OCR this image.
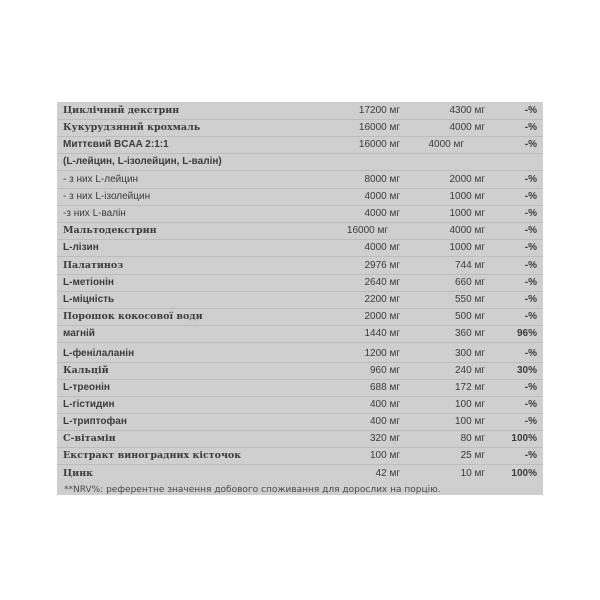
Циклічний декстрин	17200 мг	4300 мг	-%
Кукурудзяний крохмаль	16000 мг	4000 мг	-%
Миттєвий BCAA 2:1:1	16000 мг	4000 мг	-%
(L-лейцин, L-ізолейцин, L-валін)
- з них L-лейцин	8000 мг	2000 мг	-%
- з них L-ізолейцин	4000 мг	1000 мг	-%
-з них L-валін	4000 мг	1000 мг	-%
Мальтодекстрин	16000 мг	4000 мг	-%
L-лізин	4000 мг	1000 мг	-%
Палатиноз	2976 мг	744 мг	-%
L-метіонін	2640 мг	660 мг	-%
L-міцність	2200 мг	550 мг	-%
Порошок кокосової води	2000 мг	500 мг	-%
магній	1440 мг	360 мг	96%
L-фенілаланін	1200 мг	300 мг	-%
Кальцій	960 мг	240 мг	30%
L-треонін	688 мг	172 мг	-%
L-гістидин	400 мг	100 мг	-%
L-триптофан	400 мг	100 мг	-%
С-вітамін	320 мг	80 мг	100%
Екстракт виноградних кісточок	100 мг	25 мг	-%
Цинк	42 мг	10 мг	100%
**NRV%: референтне значення добового споживання для дорослих на порцію.
